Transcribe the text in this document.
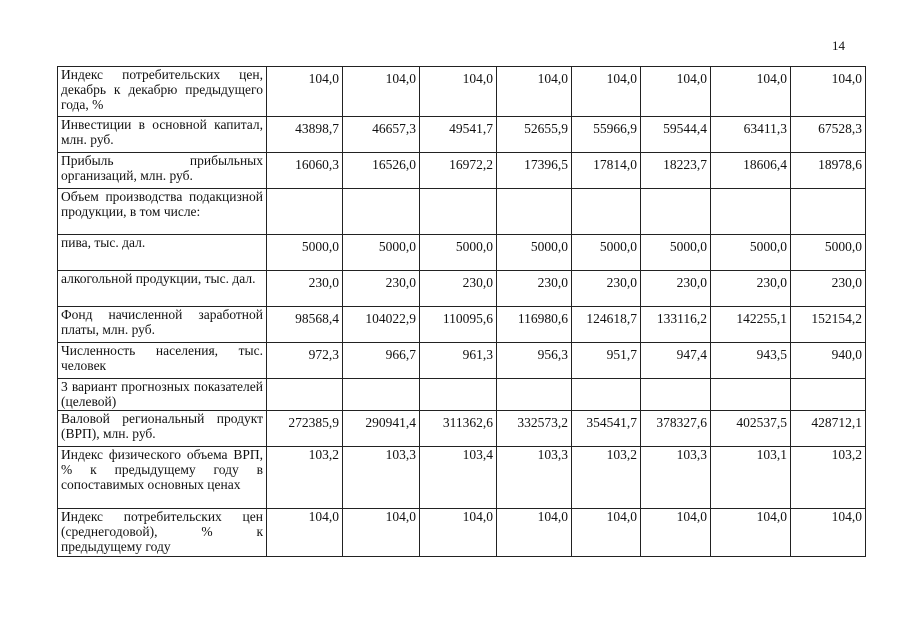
14
Индекс потребительских цен, декабрь к декабрю предыдущего года, %	104,0	104,0	104,0	104,0	104,0	104,0	104,0	104,0
Инвестиции в основной капитал, млн. руб.	43898,7	46657,3	49541,7	52655,9	55966,9	59544,4	63411,3	67528,3
Прибыль прибыльных организаций, млн. руб.	16060,3	16526,0	16972,2	17396,5	17814,0	18223,7	18606,4	18978,6
Объем производства подакцизной продукции, в том числе:								
пива, тыс. дал.	5000,0	5000,0	5000,0	5000,0	5000,0	5000,0	5000,0	5000,0
алкогольной продукции, тыс. дал.	230,0	230,0	230,0	230,0	230,0	230,0	230,0	230,0
Фонд начисленной заработной платы, млн. руб.	98568,4	104022,9	110095,6	116980,6	124618,7	133116,2	142255,1	152154,2
Численность населения, тыс. человек	972,3	966,7	961,3	956,3	951,7	947,4	943,5	940,0
3 вариант прогнозных показателей (целевой)								
Валовой региональный продукт (ВРП), млн. руб.	272385,9	290941,4	311362,6	332573,2	354541,7	378327,6	402537,5	428712,1
Индекс физического объема ВРП, % к предыдущему году в сопоставимых основных ценах	103,2	103,3	103,4	103,3	103,2	103,3	103,1	103,2
Индекс потребительских цен (среднегодовой), % к предыдущему году	104,0	104,0	104,0	104,0	104,0	104,0	104,0	104,0
